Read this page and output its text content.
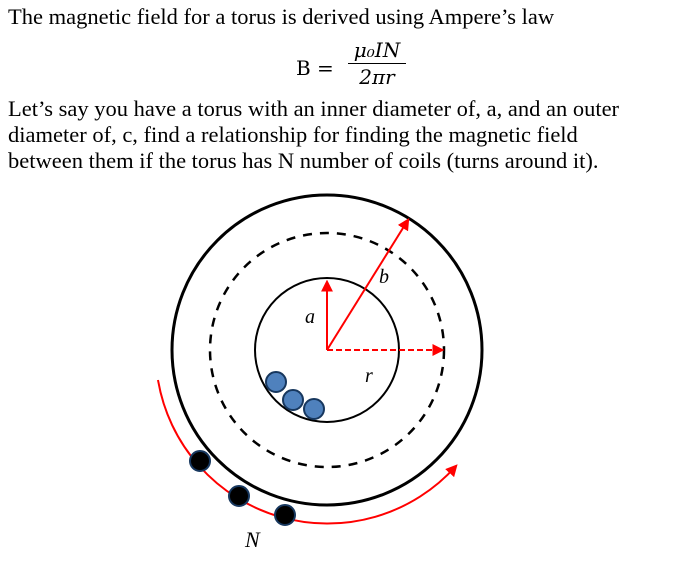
The magnetic field for a torus is derived using Ampere’s law

B =
μ₀IN
2πr
Let’s say you have a torus with an inner diameter of, a, and an outer
diameter of, c, find a relationship for finding the magnetic field
between them if the torus has N number of coils (turns around it).
a
b
r
N
